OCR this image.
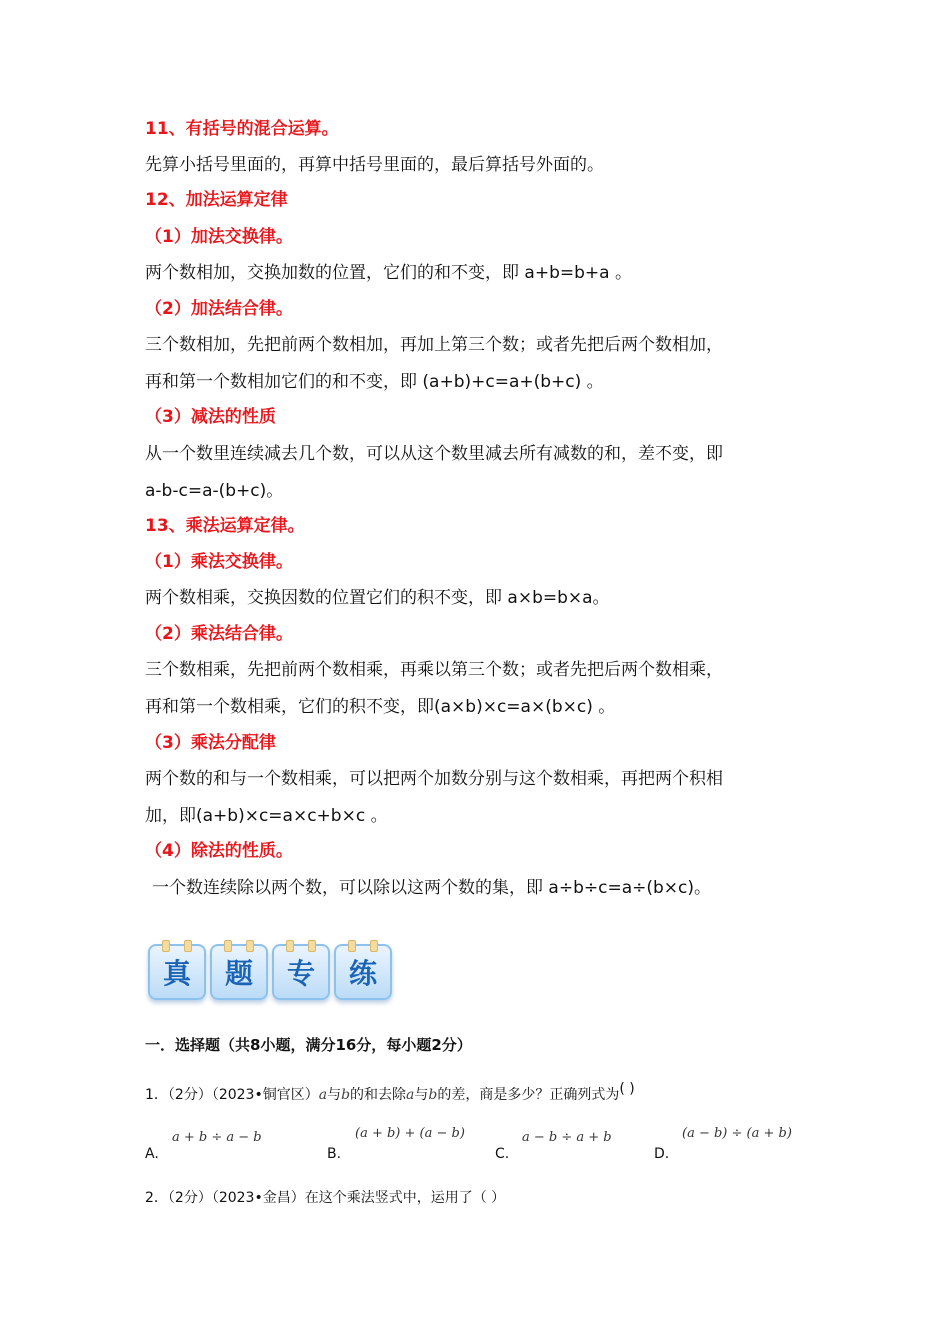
11、有括号的混合运算。
先算小括号里面的，再算中括号里面的，最后算括号外面的。
12、加法运算定律
（1）加法交换律。
两个数相加，交换加数的位置，它们的和不变，即 a+b=b+a 。
（2）加法结合律。
三个数相加，先把前两个数相加，再加上第三个数；或者先把后两个数相加，
再和第一个数相加它们的和不变，即 (a+b)+c=a+(b+c) 。
（3）减法的性质
从一个数里连续减去几个数，可以从这个数里减去所有减数的和，差不变，即
a-b-c=a-(b+c)。
13、乘法运算定律。
（1）乘法交换律。
两个数相乘，交换因数的位置它们的积不变，即 a×b=b×a。
（2）乘法结合律。
三个数相乘，先把前两个数相乘，再乘以第三个数；或者先把后两个数相乘，
再和第一个数相乘，它们的积不变，即(a×b)×c=a×(b×c) 。
（3）乘法分配律
两个数的和与一个数相乘，可以把两个加数分别与这个数相乘，再把两个积相
加，即(a+b)×c=a×c+b×c 。
（4）除法的性质。
一个数连续除以两个数，可以除以这两个数的集，即 a÷b÷c=a÷(b×c)。
真 题 专 练
一．选择题（共8小题，满分16分，每小题2分）
1．（2分）（2023•铜官区）a与b的和去除a与b的差，商是多少？正确列式为( )
a + b ÷ a − b
A.
(a + b) + (a − b)
B.
a − b ÷ a + b
C.
(a − b) ÷ (a + b)
D.
2．（2分）（2023•金昌）在这个乘法竖式中，运用了（ ）
